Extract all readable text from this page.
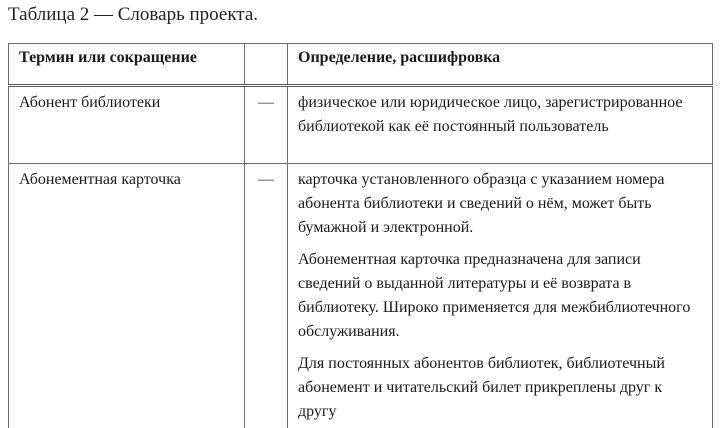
Таблица 2 — Словарь проекта.
Термин или сокращение		Определение, расшифровка

Абонент библиотеки	—	физическое или юридическое лицо, зарегистрированное библиотекой как её постоянный пользователь

Абонементная карточка	—	карточка установленного образца с указанием номера абонента библиотеки и сведений о нём, может быть бумажной и электронной.

Абонементная карточка предназначена для записи сведений о выданной литературы и её возврата в библиотеку. Широко применяется для межбиблиотечного обслуживания.

Для постоянных абонентов библиотек, библиотечный абонемент и читательский билет прикреплены друг к другу
